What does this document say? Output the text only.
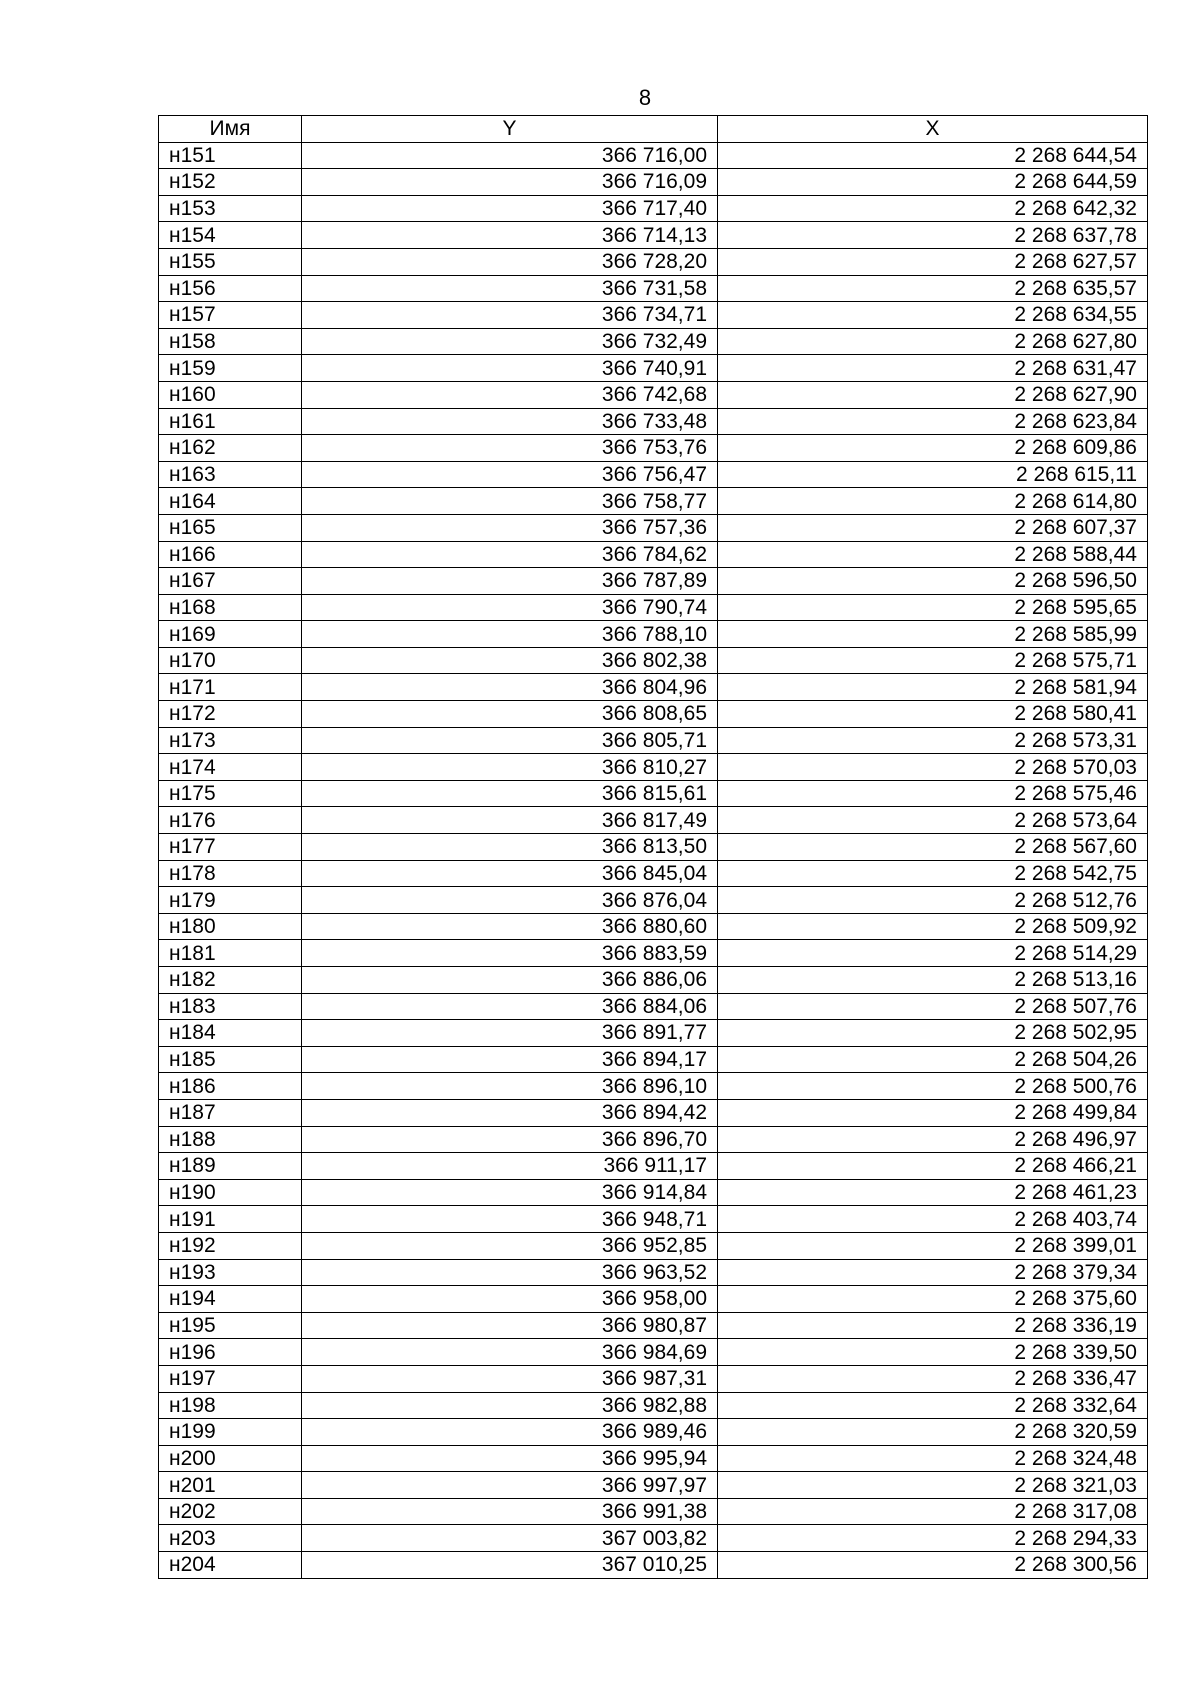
8
Имя	Y	X
н151	366 716,00	2 268 644,54
н152	366 716,09	2 268 644,59
н153	366 717,40	2 268 642,32
н154	366 714,13	2 268 637,78
н155	366 728,20	2 268 627,57
н156	366 731,58	2 268 635,57
н157	366 734,71	2 268 634,55
н158	366 732,49	2 268 627,80
н159	366 740,91	2 268 631,47
н160	366 742,68	2 268 627,90
н161	366 733,48	2 268 623,84
н162	366 753,76	2 268 609,86
н163	366 756,47	2 268 615,11
н164	366 758,77	2 268 614,80
н165	366 757,36	2 268 607,37
н166	366 784,62	2 268 588,44
н167	366 787,89	2 268 596,50
н168	366 790,74	2 268 595,65
н169	366 788,10	2 268 585,99
н170	366 802,38	2 268 575,71
н171	366 804,96	2 268 581,94
н172	366 808,65	2 268 580,41
н173	366 805,71	2 268 573,31
н174	366 810,27	2 268 570,03
н175	366 815,61	2 268 575,46
н176	366 817,49	2 268 573,64
н177	366 813,50	2 268 567,60
н178	366 845,04	2 268 542,75
н179	366 876,04	2 268 512,76
н180	366 880,60	2 268 509,92
н181	366 883,59	2 268 514,29
н182	366 886,06	2 268 513,16
н183	366 884,06	2 268 507,76
н184	366 891,77	2 268 502,95
н185	366 894,17	2 268 504,26
н186	366 896,10	2 268 500,76
н187	366 894,42	2 268 499,84
н188	366 896,70	2 268 496,97
н189	366 911,17	2 268 466,21
н190	366 914,84	2 268 461,23
н191	366 948,71	2 268 403,74
н192	366 952,85	2 268 399,01
н193	366 963,52	2 268 379,34
н194	366 958,00	2 268 375,60
н195	366 980,87	2 268 336,19
н196	366 984,69	2 268 339,50
н197	366 987,31	2 268 336,47
н198	366 982,88	2 268 332,64
н199	366 989,46	2 268 320,59
н200	366 995,94	2 268 324,48
н201	366 997,97	2 268 321,03
н202	366 991,38	2 268 317,08
н203	367 003,82	2 268 294,33
н204	367 010,25	2 268 300,56
